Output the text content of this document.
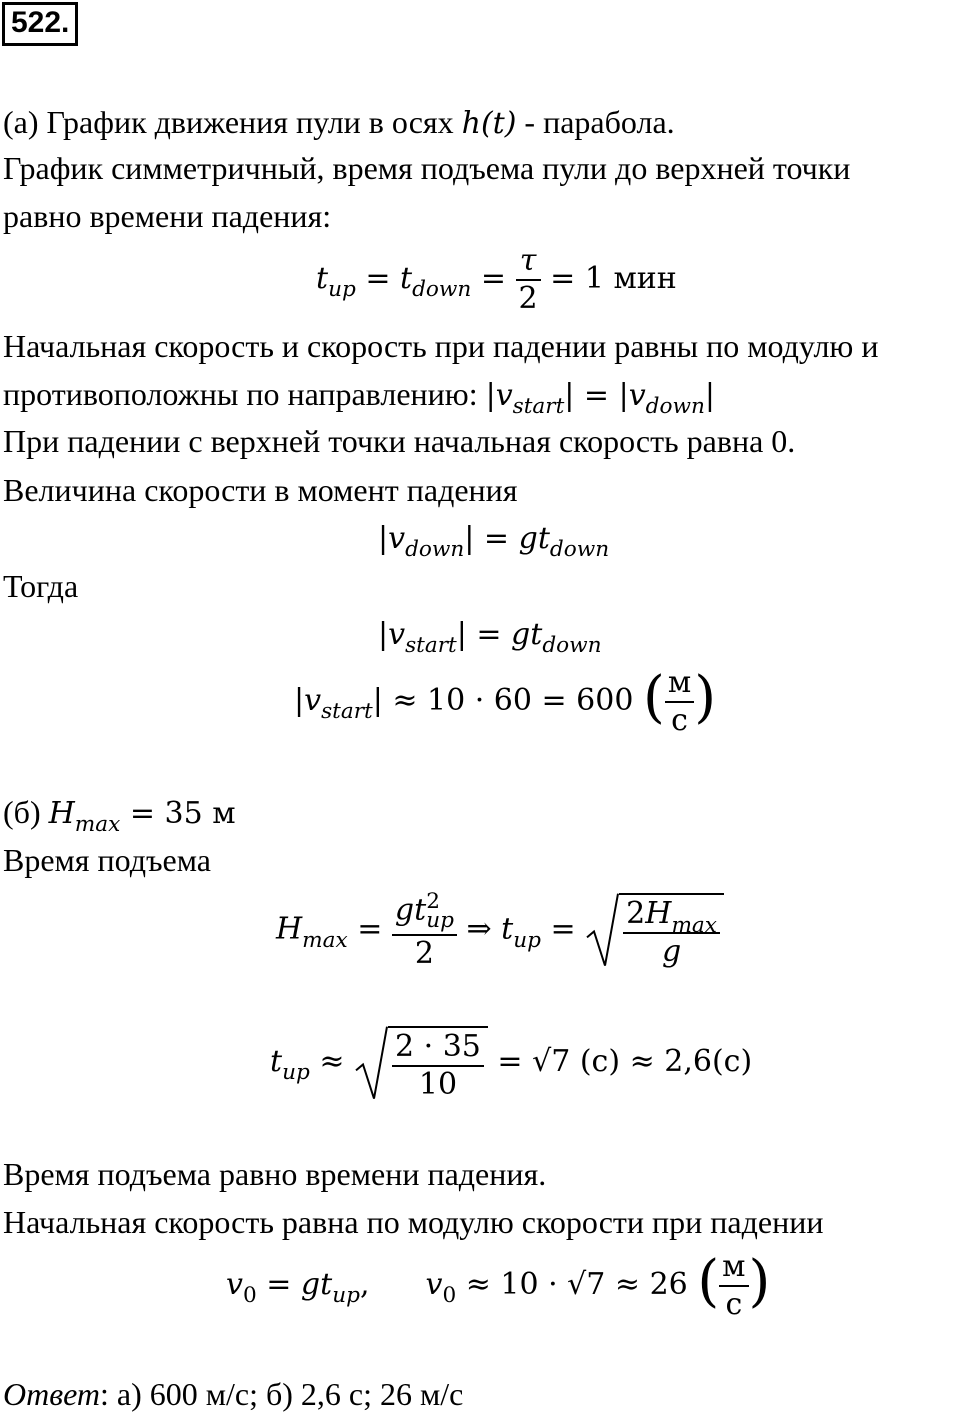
522.
(а) График движения пули в осях h(t) - парабола.
График симметричный, время подъема пули до верхней точки
равно времени падения:
$t_{up} = t_{down} = \frac{\tau}{2} = 1$ мин
Начальная скорость и скорость при падении равны по модулю и
противоположны по направлению: $|v_{start}| = |v_{down}|$
При падении с верхней точки начальная скорость равна 0.
Величина скорости в момент падения
$|v_{down}| = gt_{down}$
Тогда
$|v_{start}| = gt_{down}$
$|v_{start}| \approx 10 \cdot 60 = 600$ ( $\frac{м}{с}$ )
(б) $H_{max} = 35$ м
Время подъема
$H_{max}$ = gt 2
up
2 ⇒ $t_{up} = \frac{2H_{max}}{g}$
$t_{up} \approx \frac{2 \cdot 35}{10} = √7$ (с) ≈ 2,6(с)
Время подъема равно времени падения.
Начальная скорость равна по модулю скорости при падении
$v_0 = gt_{up}$, $v_0 \approx 10 \cdot √7 \approx 26$ ( $\frac{м}{с}$ )
Ответ: а) 600 м/с; б) 2,6 с; 26 м/с
